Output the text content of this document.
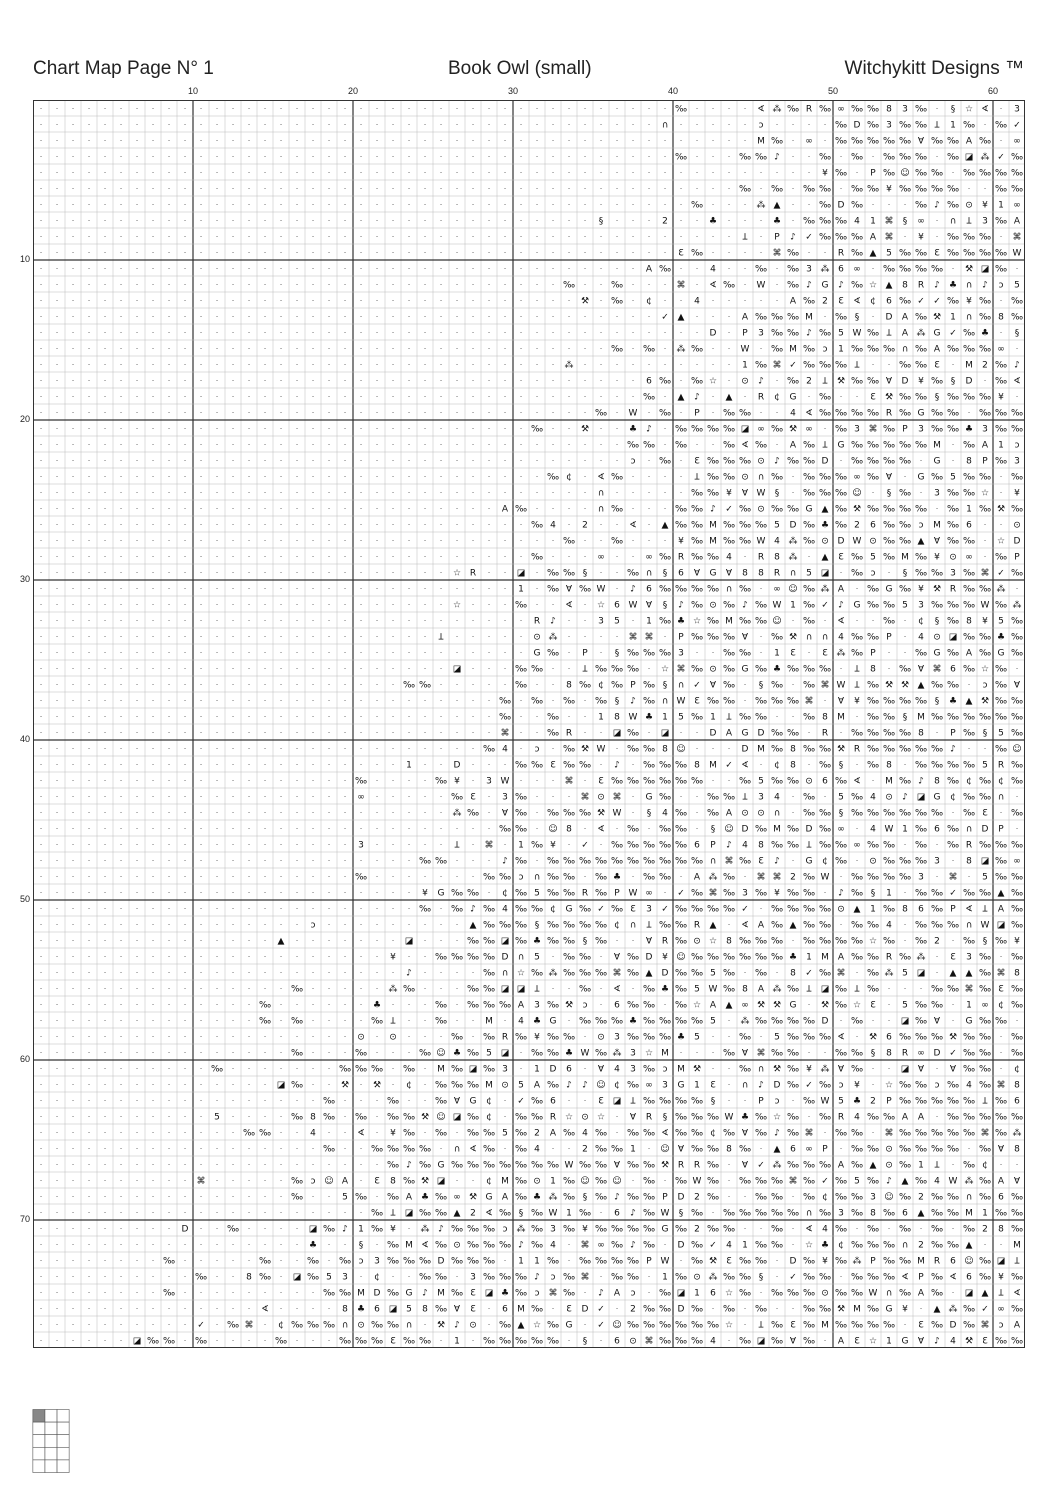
Chart Map Page N° 1	Book Owl (small)	Witchykitt Designs ™
10	20	30	40	50	60
10
20
30
40
50
60
70
· · · · · · · · · · · · · · · · · · · · · · · · · · · · · · · · · · · · · · · · ‰ · · · · ∢ ⁂ ‰ R ‰ ∞ ‰ ‰ 8 3 ‰ · § ☆ ∢ · 3
· · · · · · · · · · · · · · · · · · · · · · · · · · · · · · · · · · · · · · · ∩ · · · · · ↄ · · · · ‰ D ‰ 3 ‰ ‰ Ʇ 1 ‰ · ‰ ✓
· · · · · · · · · · · · · · · · · · · · · · · · · · · · · · · · · · · · · · · · · · · · · M ‰ · ∞ · ‰ ‰ ‰ ‰ ‰ Ɐ ‰ ‰ A ‰ · ∞
· · · · · · · · · · · · · · · · · · · · · · · · · · · · · · · · · · · · · · · · ‰ · · · ‰ ‰ ♪ · · ‰ · ‰ · ‰ ‰ ‰ · ‰ ◪ ⁂ ✓ ‰
· · · · · · · · · · · · · · · · · · · · · · · · · · · · · · · · · · · · · · · · · · · · · · · · · ¥ ‰ · P ‰ ☺ ‰ ‰ · ‰ ‰ ‰ ‰
· · · · · · · · · · · · · · · · · · · · · · · · · · · · · · · · · · · · · · · · · · · · ‰ · ‰ · ‰ ‰ · ‰ ‰ ¥ ‰ ‰ ‰ ‰ · · ‰ ‰
· · · · · · · · · · · · · · · · · · · · · · · · · · · · · · · · · · · · · · · · · ‰ · · · ⁂ ▲ · · ‰ D ‰ · · · ‰ ♪ ‰ ⊙ ¥ 1 ∞
· · · · · · · · · · · · · · · · · · · · · · · · · · · · · · · · · · · § · · · 2 · · ♣ · · · ♣ · ‰ ‰ ‰ 4 1 ⌘ § ∞ · ∩ Ʇ 3 ‰ A
· · · · · · · · · · · · · · · · · · · · · · · · · · · · · · · · · · · · · · · · · · · · Ʇ · P ♪ ✓ ‰ ‰ ‰ A ⌘ · ¥ · ‰ ‰ ‰ · ⌘
· · · · · · · · · · · · · · · · · · · · · · · · · · · · · · · · · · · · · · · · Ɛ ‰ · · · · ⌘ ‰ · · R ‰ ▲ 5 ‰ ‰ Ɛ ‰ ‰ ‰ ‰ W
· · · · · · · · · · · · · · · · · · · · · · · · · · · · · · · · · · · · · · A ‰ · · 4 · · ‰ · ‰ 3 ⁂ 6 ∞ · ‰ ‰ ‰ ‰ · ⚒ ◪ ‰ ·
· · · · · · · · · · · · · · · · · · · · · · · · · · · · · · · · · ‰ · · ‰ · · · ⌘ · ∢ ‰ · W · ‰ ♪ G ♪ ‰ ☆ ▲ 8 R ♪ ♣ ∩ ♪ ↄ 5
· · · · · · · · · · · · · · · · · · · · · · · · · · · · · · · · · · ⚒ · ‰ · ¢ · · 4 · · · · · A ‰ 2 Ɛ ∢ ¢ 6 ‰ ✓ ✓ ‰ ¥ ‰ · ‰
· · · · · · · · · · · · · · · · · · · · · · · · · · · · · · · · · · · · · · · ✓ ▲ · · · A ‰ ‰ ‰ M · ‰ § · D A ‰ ⚒ 1 ∩ ‰ 8 ‰
· · · · · · · · · · · · · · · · · · · · · · · · · · · · · · · · · · · · · · · · · · D · P 3 ‰ ‰ ♪ ‰ 5 W ‰ Ʇ A ⁂ G ✓ ‰ ♣ · §
· · · · · · · · · · · · · · · · · · · · · · · · · · · · · · · · · · · · ‰ · ‰ · ⁂ ‰ · · W · ‰ M ‰ ↄ 1 ‰ ‰ ‰ ∩ ‰ A ‰ ‰ ‰ ∞ ·
· · · · · · · · · · · · · · · · · · · · · · · · · · · · · · · · · ⁂ · · · · · · · · · · 1 ‰ ⌘ ✓ ‰ ‰ ‰ Ʇ · · ‰ ‰ Ɛ · M 2 ‰ ♪
· · · · · · · · · · · · · · · · · · · · · · · · · · · · · · · · · · · · · · 6 ‰ · ‰ ☆ · ⊙ ♪ · ‰ 2 Ʇ ⚒ ‰ ‰ Ɐ D ¥ ‰ § D · ‰ ∢
· · · · · · · · · · · · · · · · · · · · · · · · · · · · · · · · · · · · · · ‰ · ▲ ♪ · ▲ · R ¢ G · ‰ · · Ɛ ⚒ ‰ ‰ § ‰ ‰ ‰ ¥ ·
· · · · · · · · · · · · · · · · · · · · · · · · · · · · · · · · · · · ‰ · W · ‰ · P · ‰ ‰ · · 4 ∢ ‰ ‰ ‰ ‰ R ‰ G ‰ ‰ · ‰ ‰ ‰
· · · · · · · · · · · · · · · · · · · · · · · · · · · · · · · ‰ · · ⚒ · · ♣ ♪ · ‰ ‰ ‰ ‰ ◪ ∞ ‰ ⚒ ∞ · ‰ 3 ⌘ ‰ P 3 ‰ ‰ ♣ 3 ‰ ‰
· · · · · · · · · · · · · · · · · · · · · · · · · · · · · · · · · · · · · ‰ ‰ · ‰ · · ‰ ∢ ‰ · A ‰ Ʇ G ‰ ‰ ‰ ‰ ‰ M · ‰ A 1 ↄ
· · · · · · · · · · · · · · · · · · · · · · · · · · · · · · · · · · · · · ↄ · ‰ · Ɛ ‰ ‰ ‰ ⊙ ♪ ‰ ‰ D · ‰ ‰ ‰ ‰ · G · 8 P ‰ 3
· · · · · · · · · · · · · · · · · · · · · · · · · · · · · · · · ‰ ¢ · ∢ ‰ · · · · Ʇ ‰ ‰ ⊙ ∩ ‰ · ‰ ‰ ‰ ∞ ‰ Ɐ · G ‰ 5 ‰ ‰ · ‰
· · · · · · · · · · · · · · · · · · · · · · · · · · · · · · · · · · · ∩ · · · · · ‰ ‰ ¥ Ɐ W § · ‰ ‰ ‰ ☺ · § ‰ · 3 ‰ ‰ ☆ · ¥
· · · · · · · · · · · · · · · · · · · · · · · · · · · · · A ‰ · · · · ∩ ‰ · · · ‰ ‰ ♪ ✓ ‰ ⊙ ‰ ‰ G ▲ ‰ ⚒ ‰ ‰ ‰ ‰ · ‰ 1 ‰ ⚒ ‰
· · · · · · · · · · · · · · · · · · · · · · · · · · · · · · · ‰ 4 · 2 · · ∢ · ▲ ‰ ‰ M ‰ ‰ ‰ 5 D ‰ ♣ ‰ 2 6 ‰ ‰ ↄ M ‰ 6 · · ⊙
· · · · · · · · · · · · · · · · · · · · · · · · · · · · · · · · · ‰ · · ‰ · · · ¥ ‰ M ‰ ‰ W 4 ⁂ ‰ ⊙ D W ⊙ ‰ ‰ ▲ Ɐ ‰ ‰ · ☆ D
· · · · · · · · · · · · · · · · · · · · · · · · · · · · · · · ‰ · · · ∞ · · ∞ ‰ R ‰ ‰ 4 · R 8 ⁂ · ▲ Ɛ ‰ 5 ‰ M ‰ ¥ ⊙ ∞ · ‰ P
· · · · · · · · · · · · · · · · · · · · · · · · · · ☆ R · · ◪ · ‰ ‰ § · · ‰ ∩ § 6 Ɐ G Ɐ 8 8 R ∩ 5 ◪ · ‰ ↄ · § ‰ ‰ 3 ‰ ⌘ ✓ ‰
· · · · · · · · · · · · · · · · · · · · · · · · · · · · · · 1 · ‰ Ɐ ‰ W · ♪ 6 ‰ ‰ ‰ ‰ ∩ ‰ · ∞ ☺ ‰ ⁂ A · ‰ G ‰ ¥ ⚒ R ‰ ‰ ⁂ ·
· · · · · · · · · · · · · · · · · · · · · · · · · · ☆ · · · ‰ · · ∢ · ☆ 6 W Ɐ § ♪ ‰ ⊙ ‰ ♪ ‰ W 1 ‰ ✓ ♪ G ‰ ‰ 5 3 ‰ ‰ ‰ W ‰ ⁂
· · · · · · · · · · · · · · · · · · · · · · · · · · · · · · · R ♪ · · 3 5 · 1 ‰ ♣ ☆ ‰ M ‰ ‰ ☺ · ‰ · ∢ · · ‰ · ¢ § ‰ 8 ¥ 5 ‰
· · · · · · · · · · · · · · · · · · · · · · · · · Ʇ · · · · · ⊙ ⁂ · · · · ⌘ ⌘ · P ‰ ‰ ‰ Ɐ · ‰ ⚒ ∩ ∩ 4 ‰ ‰ P · 4 ⊙ ◪ ‰ ‰ ♣ ‰
· · · · · · · · · · · · · · · · · · · · · · · · · · · · · · · G ‰ · P · § ‰ ‰ ‰ 3 · · ‰ ‰ · 1 Ɛ · Ɛ ⁂ ‰ P · · ‰ G ‰ A ‰ G ‰
· · · · · · · · · · · · · · · · · · · · · · · · · · ◪ · · · ‰ ‰ · · Ʇ ‰ ‰ ‰ · ☆ ⌘ ‰ ⊙ ‰ G ‰ ♣ ‰ ‰ ‰ · Ʇ 8 · ‰ Ɐ ⌘ 6 ‰ ☆ ‰ ·
· · · · · · · · · · · · · · · · · · · · · · · ‰ ‰ · · · · · ‰ · · 8 ‰ ¢ ‰ P ‰ § ∩ ✓ Ɐ ‰ · § ‰ · ‰ ⌘ W Ʇ ‰ ⚒ ⚒ ▲ ‰ ‰ · ↄ ‰ Ɐ
· · · · · · · · · · · · · · · · · · · · · · · · · · · · · ‰ · ‰ · ‰ · ‰ § ♪ ‰ ∩ W Ɛ ‰ ‰ · ‰ ‰ ‰ ⌘ · Ɐ ¥ ‰ ‰ ‰ ‰ § ♣ ▲ ⚒ ‰ ‰
· · · · · · · · · · · · · · · · · · · · · · · · · · · · · ‰ · · ‰ · · 1 8 W ♣ 1 5 ‰ 1 Ʇ ‰ ‰ · · ‰ 8 M · ‰ ‰ § M ‰ ‰ ‰ ‰ ‰ ‰
· · · · · · · · · · · · · · · · · · · · · · · · · · · · · ⌘ · · ‰ R · · ◪ ‰ · ◪ · · D A G D ‰ ‰ · R · ‰ ‰ ‰ ‰ 8 · P ‰ § 5 ‰
· · · · · · · · · · · · · · · · · · · · · · · · · · · · ‰ 4 · ↄ · ‰ ⚒ W · ‰ ‰ 8 ☺ · · · D M ‰ 8 ‰ ‰ ⚒ R ‰ ‰ ‰ ‰ ‰ ♪ · · ‰ ☺
· · · · · · · · · · · · · · · · · · · · · · · 1 · · D · · · ‰ ‰ Ɛ ‰ ‰ · ♪ · ‰ ‰ ‰ 8 M ✓ ∢ · ¢ 8 · ‰ § · ‰ 8 · ‰ ‰ ‰ ‰ 5 R ‰
· · · · · · · · · · · · · · · · · · · · ‰ · · · · ‰ ¥ · 3 W · · · ⌘ · Ɛ ‰ ‰ ‰ ‰ ‰ ‰ · · ‰ 5 ‰ ‰ ⊙ 6 ‰ ∢ · M ‰ ♪ 8 ‰ ¢ ‰ ¢ ‰
· · · · · · · · · · · · · · · · · · · · ∞ · · · · · ‰ Ɛ · 3 ‰ · · · ⌘ ⊙ ⌘ · G ‰ · · ‰ ‰ Ʇ 3 4 · ‰ · 5 ‰ 4 ⊙ ♪ ◪ G ¢ ‰ ‰ ∩ ·
· · · · · · · · · · · · · · · · · · · · · · · · · · ⁂ ‰ · Ɐ ‰ · ‰ ‰ ‰ ⚒ W · § 4 ‰ · ‰ A ⊙ ⊙ ∩ · ‰ ‰ § ‰ ‰ ‰ ‰ ‰ ‰ · ‰ Ɛ · ‰
· · · · · · · · · · · · · · · · · · · · · · · · · · · · · ‰ ‰ · ☺ 8 · ∢ · ‰ · ‰ ‰ · § ☺ D ‰ M ‰ D ‰ ∞ · 4 W 1 ‰ 6 ‰ ∩ D P ·
· · · · · · · · · · · · · · · · · · · · 3 · · · · · Ʇ · ⌘ · 1 ‰ ¥ · ✓ · ‰ ‰ ‰ ‰ ‰ 6 P ♪ 4 8 ‰ ‰ Ʇ ‰ ‰ ∞ ‰ ‰ · ‰ · ‰ R ‰ ‰ ‰
· · · · · · · · · · · · · · · · · · · · · · · · ‰ ‰ · · · ♪ ‰ · ‰ ‰ ‰ ‰ ‰ ‰ ‰ ‰ ‰ ‰ ∩ ⌘ ‰ Ɛ ♪ · G ¢ ‰ · ⊙ ‰ ‰ ‰ 3 · 8 ◪ ‰ ∞
· · · · · · · · · · · · · · · · · · · · ‰ · · · · · · · ‰ ‰ ↄ ∩ ‰ ‰ · ‰ ♣ · ‰ ‰ · A ⁂ ‰ · ⌘ ⌘ 2 ‰ W · ‰ ‰ ‰ ‰ 3 · ⌘ · 5 ‰ ‰
· · · · · · · · · · · · · · · · · · · · · · · · ¥ G ‰ ‰ · ¢ ‰ 5 ‰ ‰ R ‰ P W ∞ · ✓ ‰ ⌘ ‰ 3 ‰ ¥ ‰ ‰ · ♪ ‰ § 1 · ‰ ‰ ✓ ‰ ‰ ▲ ‰
· · · · · · · · · · · · · · · · · · · · · · · · ‰ · ‰ ♪ ‰ 4 ‰ ‰ ¢ G ‰ ✓ ‰ Ɛ 3 ✓ ‰ ‰ ‰ ‰ ✓ · ‰ ‰ ‰ ‰ ⊙ ▲ 1 ‰ 8 6 ‰ P ∢ Ʇ A ‰
· · · · · · · · · · · · · · · · · ↄ · · · · · · · · · ▲ ‰ ‰ ‰ § ‰ ‰ ‰ ‰ ¢ ∩ Ʇ ‰ ‰ R ▲ · ∢ A ‰ ▲ ‰ ‰ · ‰ ‰ 4 · ‰ ‰ ‰ ∩ W ◪ ‰
· · · · · · · · · · · · · · · ▲ · · · · · · · ◪ · · · ‰ ‰ ◪ ‰ ♣ ‰ ‰ § ‰ · · Ɐ R ‰ ⊙ ☆ 8 ‰ ‰ ‰ · ‰ ‰ ‰ ‰ ☆ ‰ · ‰ 2 · ‰ § ‰ ¥
· · · · · · · · · · · · · · · · · · · · · · ¥ · · ‰ ‰ ‰ ‰ D ∩ 5 · ‰ ‰ · Ɐ ‰ D ¥ ☺ ‰ ‰ ‰ ‰ ‰ ‰ ♣ 1 M A ‰ ‰ R ‰ ⁂ · Ɛ 3 ‰ · ‰
· · · · · · · · · · · · · · · · · · · · · · · ♪ · · · · ‰ ∩ ☆ ‰ ⁂ ‰ ‰ ‰ ⌘ ‰ ▲ D ‰ ‰ 5 ‰ · ‰ · 8 ✓ ‰ ⌘ · ‰ ⁂ 5 ◪ · ▲ ▲ ‰ ⌘ 8
· · · · · · · · · · · · · · · · ‰ · · · · · ⁂ ‰ · · · ‰ ‰ ◪ ◪ Ʇ · · ‰ · ∢ · ‰ ♣ ‰ 5 W ‰ 8 A ⁂ ‰ Ʇ ◪ ‰ Ʇ ‰ · · · ‰ ‰ ⌘ ‰ Ɛ ‰
· · · · · · · · · · · · · · ‰ · · · · · · ♣ · · · ‰ · ‰ ‰ ‰ A 3 ‰ ⚒ ↄ · 6 ‰ ‰ · ‰ ☆ A ▲ ∞ ⚒ ⚒ G · ⚒ ‰ ☆ Ɛ · 5 ‰ ‰ · 1 ∞ ¢ ‰
· · · · · · · · · · · · · · ‰ · ‰ · · · · ‰ Ʇ · · ‰ · · M · 4 ♣ G · ‰ ‰ ‰ ♣ ‰ ‰ ‰ ‰ 5 · ⁂ ‰ ‰ ‰ ‰ D · ‰ · · ◪ ‰ Ɐ · G ‰ ‰ ·
· · · · · · · · · · · · · · · · · · · · ⊙ · ⊙ · · · ‰ · ‰ R ‰ ¥ ‰ ‰ · ⊙ 3 ‰ ‰ ‰ ♣ 5 · · ‰ · 5 ‰ ‰ ‰ ∢ · ⚒ 6 ‰ ‰ ‰ ⚒ ‰ ‰ · ‰
· · · · · · · · · · · · · · · · ‰ · · · ‰ · · · ‰ ☺ ♣ ‰ 5 ◪ · ‰ ‰ ♣ W ‰ ⁂ 3 ☆ M · · · ‰ Ɐ ⌘ ‰ ‰ · · ‰ ‰ § 8 R ∞ D ✓ ‰ ‰ · ‰
· · · · · · · · · · · ‰ · · · · · · · ‰ ‰ ‰ · ‰ · M ‰ ◪ ‰ 3 · 1 D 6 · Ɐ 4 3 ‰ ↄ M ⚒ · · ‰ ∩ ⚒ ‰ ¥ ⁂ Ɐ ‰ · · ◪ Ɐ · Ɐ ‰ ‰ · ¢
· · · · · · · · · · · · · · · ◪ ‰ · · ⚒ · ⚒ · ¢ · ‰ ‰ ‰ M ⊙ 5 A ‰ ♪ ♪ ☺ ¢ ‰ ∞ 3 G 1 Ɛ · ∩ ♪ D ‰ ✓ ‰ ↄ ¥ · ☆ ‰ ‰ ↄ ‰ 4 ‰ ⌘ 8
· · · · · · · · · · · · · · · · · · ‰ · · · ‰ · · ‰ Ɐ G ¢ · ✓ ‰ 6 · · Ɛ ◪ Ʇ ‰ ‰ ‰ ‰ § · · P ↄ · ‰ W 5 ♣ 2 P ‰ ‰ ‰ ‰ ‰ Ʇ ‰ 6
· · · · · · · · · · · 5 · · · · ‰ 8 ‰ · ‰ · ‰ ‰ ⚒ ☺ ◪ ‰ ¢ · ‰ ‰ R ☆ ⊙ ☆ · Ɐ R § ‰ ‰ ‰ W ♣ ‰ ☆ ‰ · ‰ R 4 ‰ ‰ A A · ‰ ‰ ‰ ‰ ‰
· · · · · · · · · · · · · ‰ ‰ · · 4 · · ∢ · ¥ ‰ · ‰ · ‰ ‰ 5 ‰ 2 A ‰ 4 ‰ · ‰ ‰ ∢ ‰ ‰ ¢ ‰ Ɐ ‰ ♪ ‰ ⌘ · ‰ ‰ · ⌘ ‰ ‰ ‰ ‰ ‰ ⌘ ‰ ⁂
· · · · · · · · · · · · · · · · · · ‰ · · ‰ ‰ ‰ ‰ · ∩ ∢ ‰ · ‰ 4 · · 2 ‰ ‰ 1 · ☺ Ɐ ‰ ‰ 8 ‰ · ▲ 6 ∞ P · ‰ ‰ ⊙ ‰ ‰ ‰ ‰ · ‰ Ɐ 8
· · · · · · · · · · · · · · · · · · · · · · ‰ ♪ ‰ G ‰ ‰ ‰ ‰ ‰ ‰ ‰ W ‰ ‰ Ɐ ‰ ‰ ⚒ R R ‰ · Ɐ ✓ ⁂ ‰ ‰ ‰ A ‰ ▲ ⊙ ‰ 1 Ʇ · ‰ ¢ · ·
· · · · · · · · · · ⌘ · · · · · ‰ ↄ ☺ A · Ɛ 8 ‰ ⚒ ◪ · · ¢ M ‰ ⊙ 1 ‰ ☺ ‰ ☺ · ‰ · ‰ W ‰ · ‰ ‰ ‰ ⌘ ‰ ✓ ‰ 5 ‰ ♪ ▲ ‰ 4 W ⁂ ‰ A Ɐ
· · · · · · · · · · · · · · · · ‰ · · 5 ‰ · ‰ A ♣ ‰ ∞ ⚒ G A ‰ ♣ ⁂ ‰ § ‰ ♪ ‰ ‰ P D 2 ‰ · · ‰ ‰ · ‰ ¢ ‰ ‰ 3 ☺ ‰ 2 ‰ ‰ ∩ ‰ 6 ‰
· · · · · · · · · · · · · · · · · · · · · ‰ Ʇ ◪ ‰ ‰ ▲ 2 ∢ ‰ § ‰ W 1 ‰ · 6 ♪ ‰ W § ‰ · ‰ ‰ ‰ ‰ ‰ ∩ ‰ 3 ‰ 8 ‰ 6 ▲ ‰ ‰ M 1 ‰ ‰
· · · · · · · · · D · · ‰ · · · · ◪ ‰ ♪ 1 ‰ ¥ · ⁂ ♪ ‰ ‰ ‰ ↄ ⁂ ‰ 3 ‰ ¥ ‰ ‰ ‰ ‰ G ‰ 2 ‰ ‰ · · ‰ · ∢ 4 ‰ · ‰ · ‰ · ‰ · ‰ 2 8 ‰
· · · · · · · · · · · · · · · · · ♣ · · § · ‰ M ∢ ‰ ⊙ ‰ ‰ ‰ ♪ ‰ 4 · ⌘ ∞ ‰ ♪ ‰ · D ‰ ✓ 4 1 ‰ ‰ · ☆ ♣ ¢ ‰ ‰ ‰ ∩ 2 ‰ ‰ ▲ · · M
· · · · · · · · ‰ · · · · · ‰ · · ‰ · ‰ ↄ 3 ‰ ‰ ‰ D ‰ ‰ ‰ · 1 1 ‰ · ‰ ‰ ‰ ‰ P W · ‰ ⚒ Ɛ ‰ ‰ · D ‰ ¥ ‰ ⁂ P ‰ ‰ M R 6 ☺ ‰ ◪ Ʇ
· · · · · · · · · · ‰ · · 8 ‰ · ◪ ‰ 5 3 · ¢ · · ‰ ‰ · 3 ‰ ‰ ‰ ♪ ↄ ‰ ⌘ · ‰ ‰ · 1 ‰ ⊙ ⁂ ‰ ‰ § · ✓ ‰ ‰ · ‰ ‰ ‰ ∢ P ‰ ∢ 6 ‰ ¥ ‰
· · · · · · · · ‰ · · · · · · · · · ‰ ‰ M D ‰ G ♪ M ‰ Ɛ ◪ ♣ ‰ ↄ ⌘ ‰ · ♪ A ↄ · ‰ ◪ 1 6 ☆ ‰ · ‰ ‰ ‰ ⊙ ‰ ‰ W ∩ ‰ A ‰ · ◪ ▲ Ʇ ∢
· · · · · · · · · · · · · · ∢ · · · · 8 ♣ 6 ◪ 5 8 ‰ Ɐ Ɛ · 6 M ‰ · Ɛ D ✓ · 2 ‰ ‰ D ‰ · ‰ · ‰ · · ‰ ‰ ⚒ M ‰ G ¥ · ▲ ⁂ ‰ ✓ ∞ ‰
· · · · · · · · · · ✓ · ‰ ⌘ · ¢ ‰ ‰ ‰ ∩ ⊙ ‰ ‰ ∩ · ⚒ ♪ ⊙ · ‰ ▲ ☆ ‰ G · ✓ ☺ ‰ ‰ ‰ ‰ ‰ ‰ ☆ · Ʇ ‰ Ɛ ‰ M ‰ ‰ ‰ ‰ · Ɛ ‰ D ‰ ⌘ ↄ A
· · · · · · ◪ ‰ ‰ · ‰ · · · · ‰ · · · ‰ ‰ ‰ Ɛ ‰ ‰ · 1 · ‰ ‰ ‰ ‰ ‰ · § · 6 ⊙ ⌘ ‰ ‰ ‰ 4 · ‰ ◪ ‰ Ɐ ‰ · A Ɛ ☆ 1 G Ɐ ♪ 4 ⚒ Ɛ ‰ ‰
